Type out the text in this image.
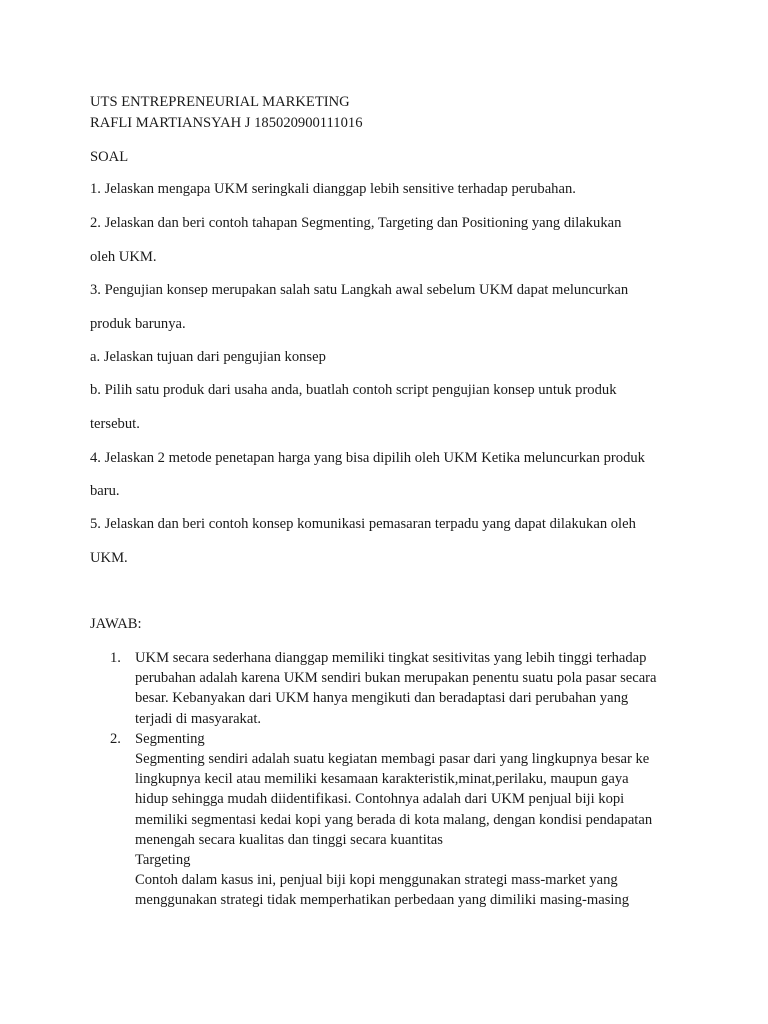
UTS ENTREPRENEURIAL MARKETING
RAFLI MARTIANSYAH J 185020900111016
SOAL
1. Jelaskan mengapa UKM seringkali dianggap lebih sensitive terhadap perubahan.
2. Jelaskan dan beri contoh tahapan Segmenting, Targeting dan Positioning yang dilakukan
oleh UKM.
3. Pengujian konsep merupakan salah satu Langkah awal sebelum UKM dapat meluncurkan
produk barunya.
a. Jelaskan tujuan dari pengujian konsep
b. Pilih satu produk dari usaha anda, buatlah contoh script pengujian konsep untuk produk
tersebut.
4. Jelaskan 2 metode penetapan harga yang bisa dipilih oleh UKM Ketika meluncurkan produk
baru.
5. Jelaskan dan beri contoh konsep komunikasi pemasaran terpadu yang dapat dilakukan oleh
UKM.
JAWAB:
1. UKM secara sederhana dianggap memiliki tingkat sesitivitas yang lebih tinggi terhadap
perubahan adalah karena UKM sendiri bukan merupakan penentu suatu pola pasar secara
besar. Kebanyakan dari UKM hanya mengikuti dan beradaptasi dari perubahan yang
terjadi di masyarakat.
2. Segmenting
Segmenting sendiri adalah suatu kegiatan membagi pasar dari yang lingkupnya besar ke
lingkupnya kecil atau memiliki kesamaan karakteristik,minat,perilaku, maupun gaya
hidup sehingga mudah diidentifikasi. Contohnya adalah dari UKM penjual biji kopi
memiliki segmentasi kedai kopi yang berada di kota malang, dengan kondisi pendapatan
menengah secara kualitas dan tinggi secara kuantitas
Targeting
Contoh dalam kasus ini, penjual biji kopi menggunakan strategi mass-market yang
menggunakan strategi tidak memperhatikan perbedaan yang dimiliki masing-masing
